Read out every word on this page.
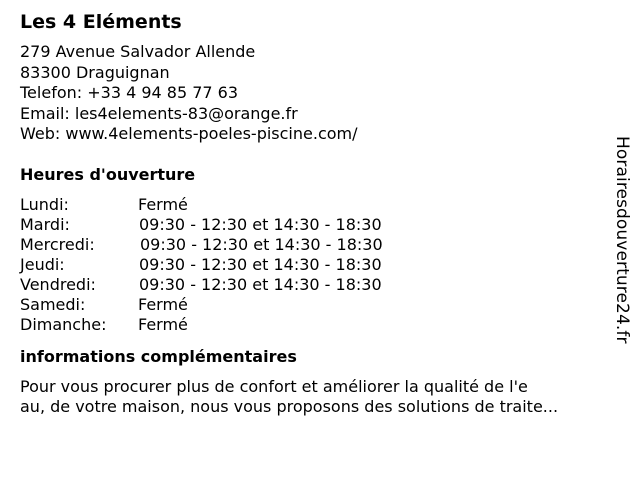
Les 4 Eléments
279 Avenue Salvador Allende
83300 Draguignan
Telefon: +33 4 94 85 77 63
Email: les4elements-83@orange.fr
Web: www.4elements-poeles-piscine.com/
Heures d'ouverture
Lundi:	Fermé
Mardi:	09:30 - 12:30 et 14:30 - 18:30
Mercredi:	09:30 - 12:30 et 14:30 - 18:30
Jeudi:	09:30 - 12:30 et 14:30 - 18:30
Vendredi:	09:30 - 12:30 et 14:30 - 18:30
Samedi:	Fermé
Dimanche: Fermé
informations complémentaires
Pour vous procurer plus de confort et améliorer la qualité de l'e
au, de votre maison, nous vous proposons des solutions de traite...
Horairesdouverture24.fr
